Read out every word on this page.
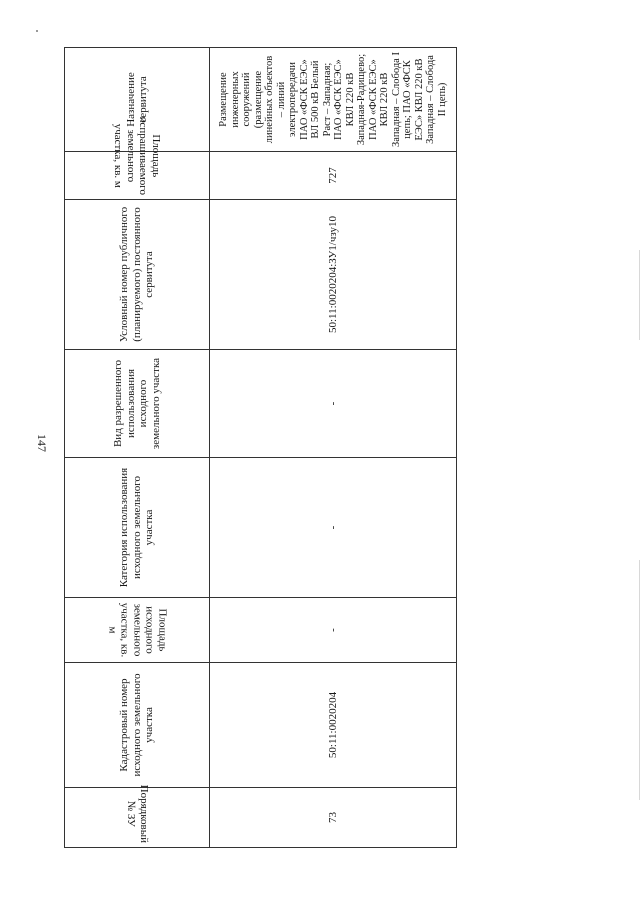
147
Порядковый № ЗУ	Кадастровый номер исходного земельного участка	Площадь исходного земельного участка, кв. м	Категория использования исходного земельного участка	Вид разрешенного использования исходного земельного участка	Условный номер публичного (планируемого) постоянного сервитута	Площадь испрашиваемого земельного участка, кв. м	Назначение сервитута
73	50:11:0020204	-	-	-	50:11:0020204:ЗУ1/чзу10	727	Размещение инженерных сооружений (размещение линейных объектов – линий электропередачи ПАО «ФСК ЕЭС» ВЛ 500 кВ Белый Раст – Западная; ПАО «ФСК ЕЭС» КВЛ 220 кВ Западная-Радищево; ПАО «ФСК ЕЭС» КВЛ 220 кВ Западная – Слобода I цепь; ПАО «ФСК ЕЭС» КВЛ 220 кВ Западная – Слобода II цепь)
